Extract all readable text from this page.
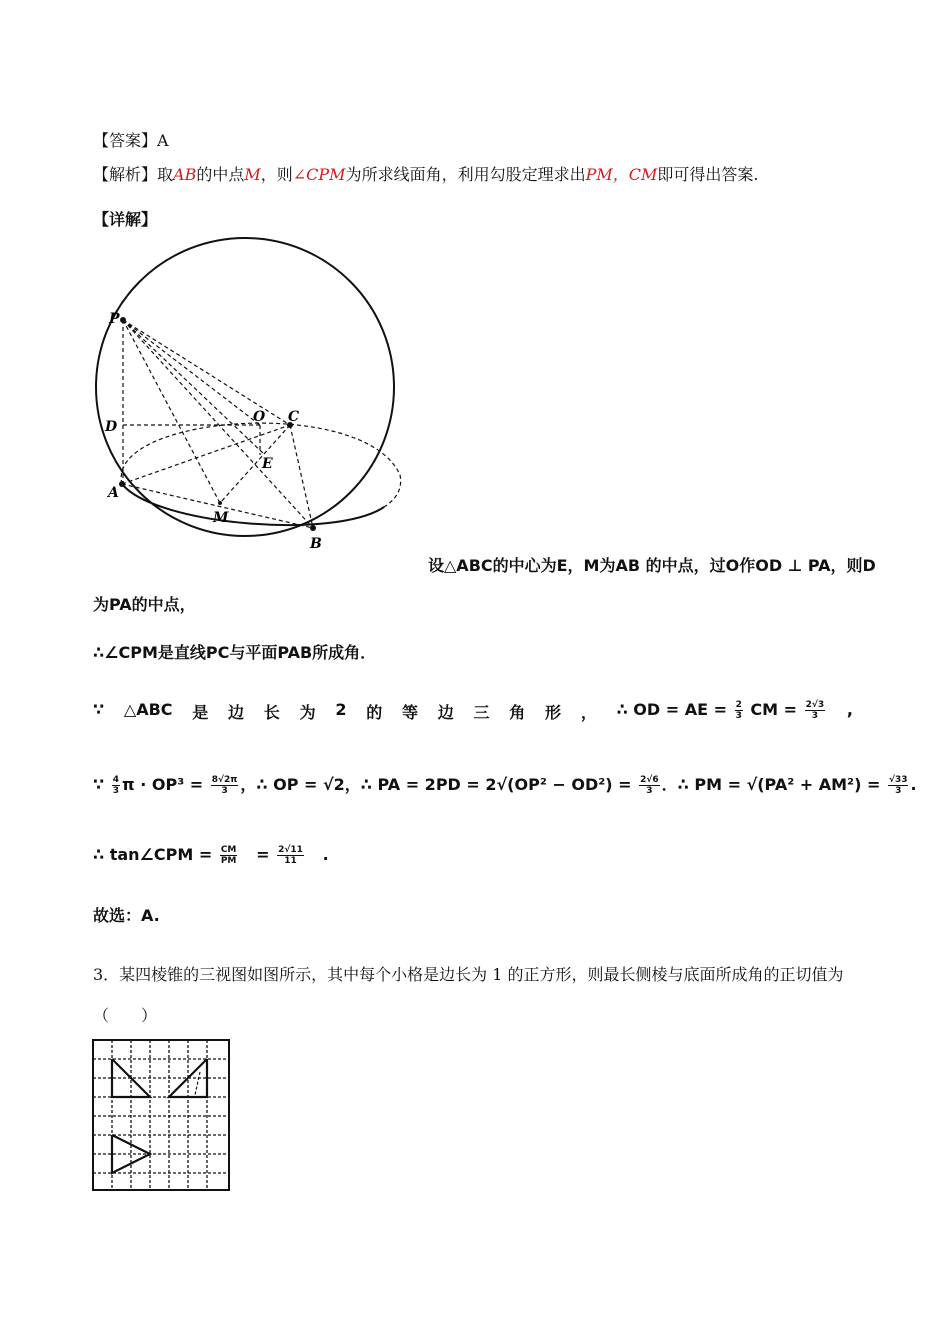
【答案】A
【解析】取AB的中点M，则∠CPM为所求线面角，利用勾股定理求出PM，CM即可得出答案.
【详解】
P
D
O C
E
A
M
B
设△ABC的中心为E，M为AB 的中点，过O作OD ⊥ PA，则D
为PA的中点，
∴∠CPM是直线PC与平面PAB所成角．
∵ △ABC 是 边 长 为 2 的 等 边 三 角 形 ， ∴ OD = AE = $\frac{2}{3}$ CM = $\frac{2√3}{3}$ ,
∵ $\frac{4}{3}$ $\pi \cdot OP^3 = \frac{8√2\pi}{3}$ ，∴ OP = √2，∴ PA = $2PD = 2√(OP^2 - OD^2) = \frac{2√6}{3}$ ．∴ PM = $√(PA^2 + AM^2) = \frac{√33}{3}$ .
∴ tan∠CPM = $\frac{CM}{PM} = \frac{2√11}{11}$ .
故选：A.
3．某四棱锥的三视图如图所示，其中每个小格是边长为 1 的正方形，则最长侧棱与底面所成角的正切值为
（　　）
